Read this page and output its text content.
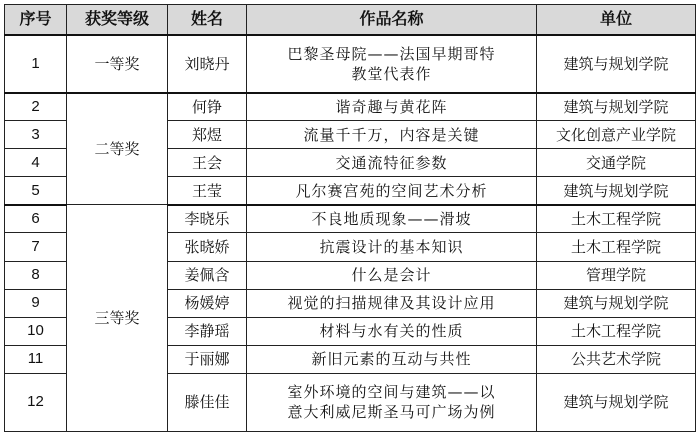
序号	获奖等级	姓名	作品名称	单位
1	一等奖	刘晓丹	巴黎圣母院——法国早期哥特
教堂代表作	建筑与规划学院
2	二等奖	何铮	谐奇趣与黄花阵	建筑与规划学院
3		郑煜	流量千千万，内容是关键	文化创意产业学院
4		王会	交通流特征参数	交通学院
5		王莹	凡尔赛宫苑的空间艺术分析	建筑与规划学院
6	三等奖	李晓乐	不良地质现象——滑坡	土木工程学院
7		张晓娇	抗震设计的基本知识	土木工程学院
8		姜佩含	什么是会计	管理学院
9		杨媛婷	视觉的扫描规律及其设计应用	建筑与规划学院
10		李静瑶	材料与水有关的性质	土木工程学院
11		于丽娜	新旧元素的互动与共性	公共艺术学院
12		滕佳佳	室外环境的空间与建筑——以
意大利威尼斯圣马可广场为例	建筑与规划学院
